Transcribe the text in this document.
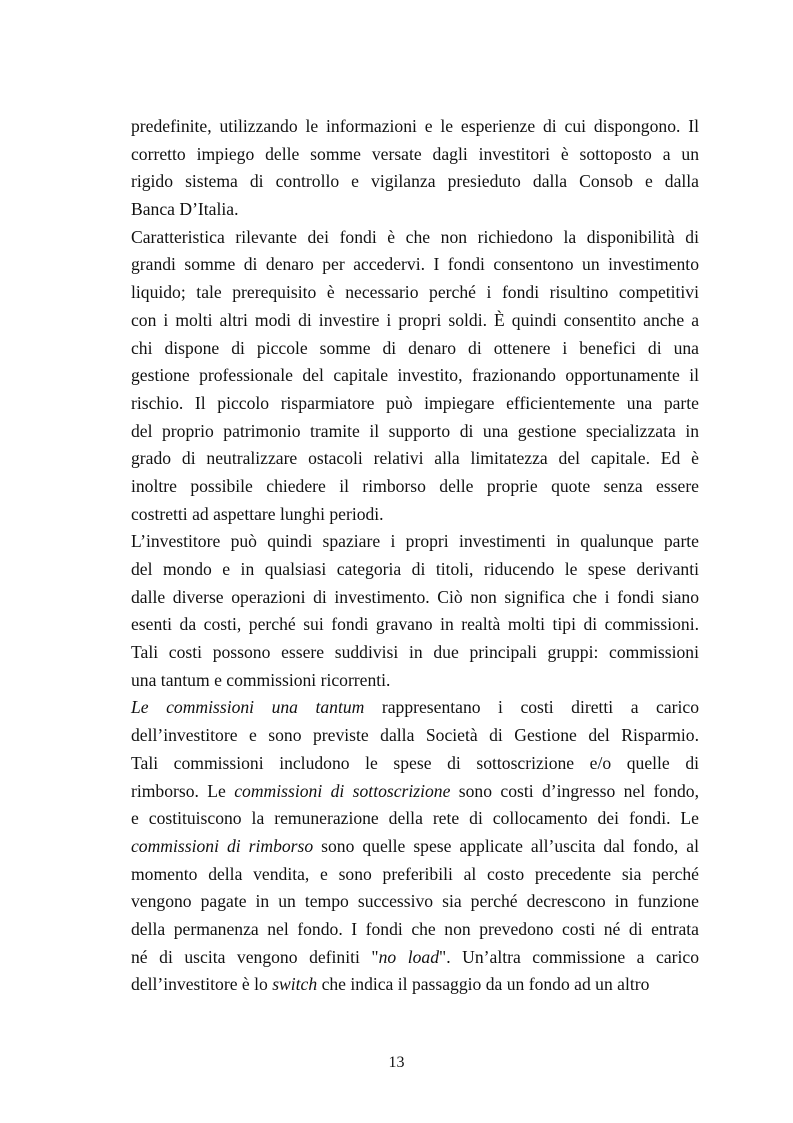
predefinite, utilizzando le informazioni e le esperienze di cui dispongono. Il
corretto impiego delle somme versate dagli investitori è sottoposto a un
rigido sistema di controllo e vigilanza presieduto dalla Consob e dalla
Banca D’Italia.
Caratteristica rilevante dei fondi è che non richiedono la disponibilità di
grandi somme di denaro per accedervi. I fondi consentono un investimento
liquido; tale prerequisito è necessario perché i fondi risultino competitivi
con i molti altri modi di investire i propri soldi. È quindi consentito anche a
chi dispone di piccole somme di denaro di ottenere i benefici di una
gestione professionale del capitale investito, frazionando opportunamente il
rischio. Il piccolo risparmiatore può impiegare efficientemente una parte
del proprio patrimonio tramite il supporto di una gestione specializzata in
grado di neutralizzare ostacoli relativi alla limitatezza del capitale. Ed è
inoltre possibile chiedere il rimborso delle proprie quote senza essere
costretti ad aspettare lunghi periodi.
L’investitore può quindi spaziare i propri investimenti in qualunque parte
del mondo e in qualsiasi categoria di titoli, riducendo le spese derivanti
dalle diverse operazioni di investimento. Ciò non significa che i fondi siano
esenti da costi, perché sui fondi gravano in realtà molti tipi di commissioni.
Tali costi possono essere suddivisi in due principali gruppi: commissioni
una tantum e commissioni ricorrenti.
Le commissioni una tantum rappresentano i costi diretti a carico
dell’investitore e sono previste dalla Società di Gestione del Risparmio.
Tali commissioni includono le spese di sottoscrizione e/o quelle di
rimborso. Le commissioni di sottoscrizione sono costi d’ingresso nel fondo,
e costituiscono la remunerazione della rete di collocamento dei fondi. Le
commissioni di rimborso sono quelle spese applicate all’uscita dal fondo, al
momento della vendita, e sono preferibili al costo precedente sia perché
vengono pagate in un tempo successivo sia perché decrescono in funzione
della permanenza nel fondo. I fondi che non prevedono costi né di entrata
né di uscita vengono definiti "no load". Un’altra commissione a carico
dell’investitore è lo switch che indica il passaggio da un fondo ad un altro
13
